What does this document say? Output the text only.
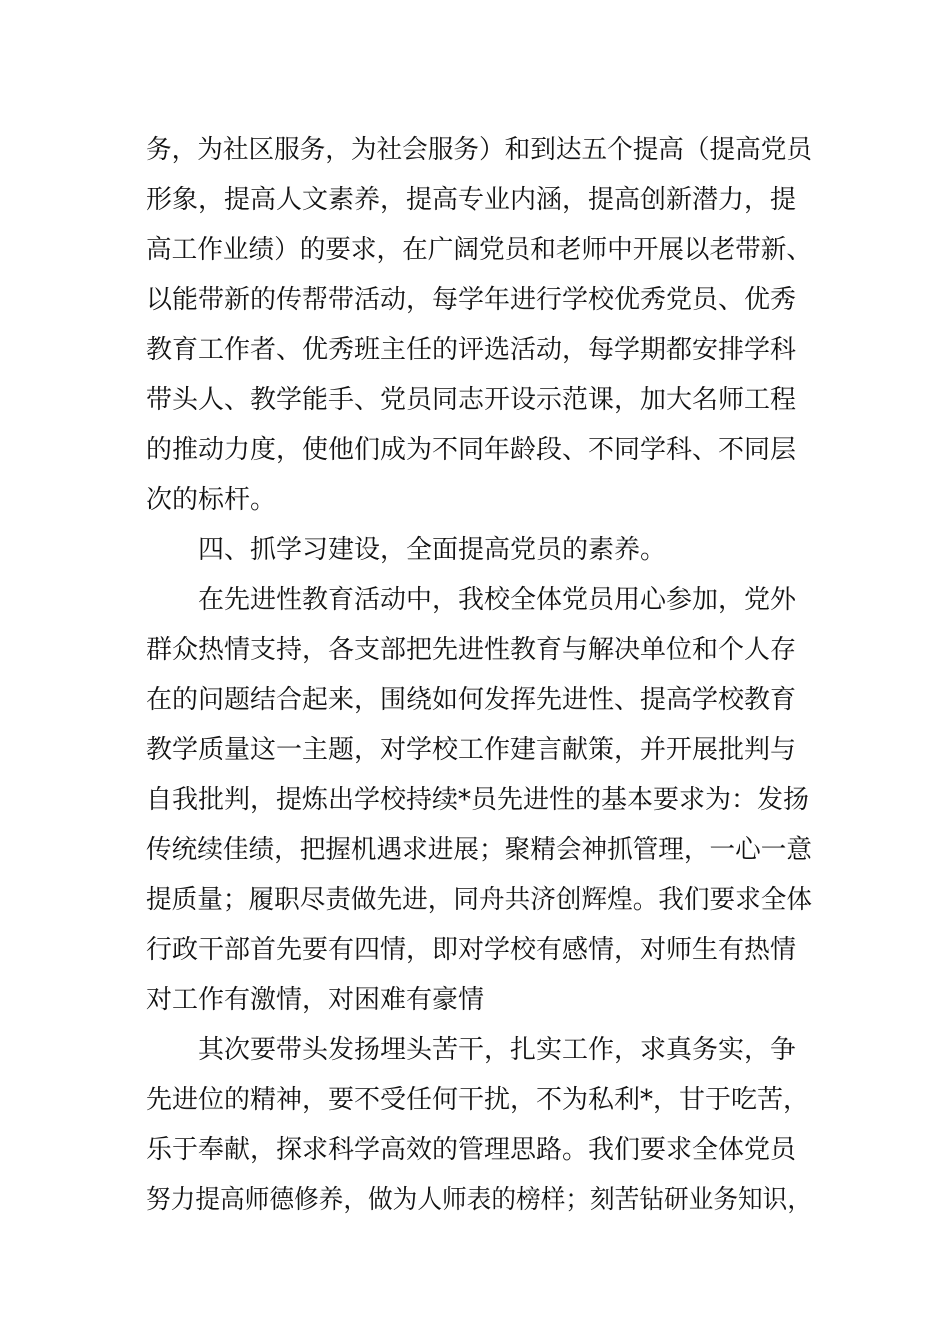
务，为社区服务，为社会服务）和到达五个提高（提高党员
形象，提高人文素养，提高专业内涵，提高创新潜力，提
高工作业绩）的要求，在广阔党员和老师中开展以老带新、
以能带新的传帮带活动，每学年进行学校优秀党员、优秀
教育工作者、优秀班主任的评选活动，每学期都安排学科
带头人、教学能手、党员同志开设示范课，加大名师工程
的推动力度，使他们成为不同年龄段、不同学科、不同层
次的标杆。
四、抓学习建设，全面提高党员的素养。
在先进性教育活动中，我校全体党员用心参加，党外
群众热情支持，各支部把先进性教育与解决单位和个人存
在的问题结合起来，围绕如何发挥先进性、提高学校教育
教学质量这一主题，对学校工作建言献策，并开展批判与
自我批判，提炼出学校持续*员先进性的基本要求为：发扬
传统续佳绩，把握机遇求进展；聚精会神抓管理，一心一意
提质量；履职尽责做先进，同舟共济创辉煌。我们要求全体
行政干部首先要有四情，即对学校有感情，对师生有热情
对工作有激情，对困难有豪情
其次要带头发扬埋头苦干，扎实工作，求真务实，争
先进位的精神，要不受任何干扰，不为私利*，甘于吃苦，
乐于奉献，探求科学高效的管理思路。我们要求全体党员
努力提高师德修养，做为人师表的榜样；刻苦钻研业务知识，
